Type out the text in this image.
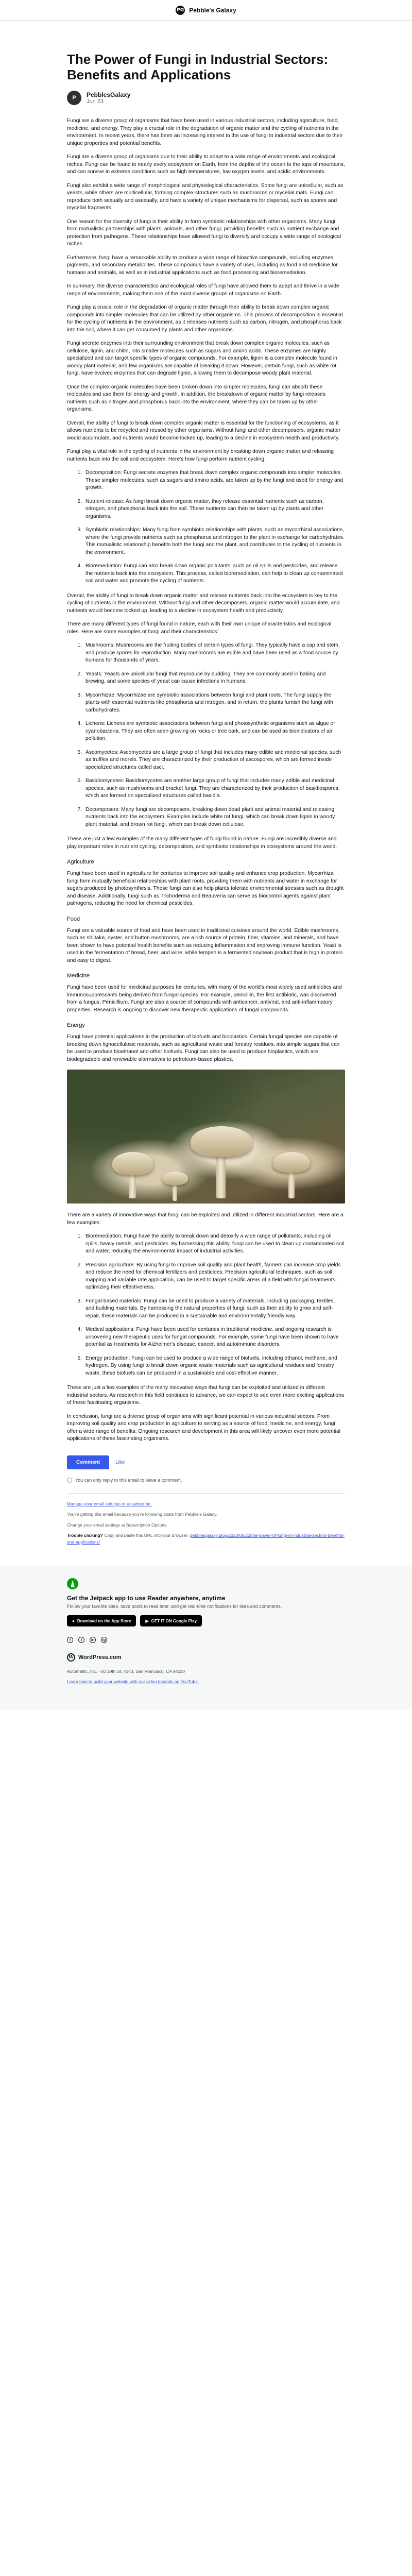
PG Pebble's Galaxy
The Power of Fungi in Industrial Sectors: Benefits and Applications
P	PebblesGalaxy
Jun 23

Fungi are a diverse group of organisms that have been used in various industrial sectors, including agriculture, food, medicine, and energy. They play a crucial role in the degradation of organic matter and the cycling of nutrients in the environment. In recent years, there has been an increasing interest in the use of fungi in industrial sectors due to their unique properties and potential benefits.

Fungi are a diverse group of organisms due to their ability to adapt to a wide range of environments and ecological niches. Fungi can be found in nearly every ecosystem on Earth, from the depths of the ocean to the tops of mountains, and can survive in extreme conditions such as high temperatures, low oxygen levels, and acidic environments.

Fungi also exhibit a wide range of morphological and physiological characteristics. Some fungi are unicellular, such as yeasts, while others are multicellular, forming complex structures such as mushrooms or mycelial mats. Fungi can reproduce both sexually and asexually, and have a variety of unique mechanisms for dispersal, such as spores and mycelial fragments.

One reason for the diversity of fungi is their ability to form symbiotic relationships with other organisms. Many fungi form mutualistic partnerships with plants, animals, and other fungi, providing benefits such as nutrient exchange and protection from pathogens. These relationships have allowed fungi to diversify and occupy a wide range of ecological niches.

Furthermore, fungi have a remarkable ability to produce a wide range of bioactive compounds, including enzymes, pigments, and secondary metabolites. These compounds have a variety of uses, including as food and medicine for humans and animals, as well as in industrial applications such as food processing and bioremediation.

In summary, the diverse characteristics and ecological roles of fungi have allowed them to adapt and thrive in a wide range of environments, making them one of the most diverse groups of organisms on Earth.

Fungi play a crucial role in the degradation of organic matter through their ability to break down complex organic compounds into simpler molecules that can be utilized by other organisms. This process of decomposition is essential for the cycling of nutrients in the environment, as it releases nutrients such as carbon, nitrogen, and phosphorus back into the soil, where it can get consumed by plants and other organisms.

Fungi secrete enzymes into their surrounding environment that break down complex organic molecules, such as cellulose, lignin, and chitin, into smaller molecules such as sugars and amino acids. These enzymes are highly specialized and can target specific types of organic compounds. For example, lignin is a complex molecule found in woody plant material, and few organisms are capable of breaking it down. However, certain fungi, such as white rot fungi, have evolved enzymes that can degrade lignin, allowing them to decompose woody plant material.

Once the complex organic molecules have been broken down into simpler molecules, fungi can absorb these molecules and use them for energy and growth. In addition, the breakdown of organic matter by fungi releases nutrients such as nitrogen and phosphorus back into the environment, where they can be taken up by other organisms.

Overall, the ability of fungi to break down complex organic matter is essential for the functioning of ecosystems, as it allows nutrients to be recycled and reused by other organisms. Without fungi and other decomposers, organic matter would accumulate, and nutrients would become locked up, leading to a decline in ecosystem health and productivity.

Fungi play a vital role in the cycling of nutrients in the environment by breaking down organic matter and releasing nutrients back into the soil and ecosystem. Here's how fungi perform nutrient cycling:

1. Decomposition: Fungi secrete enzymes that break down complex organic compounds into simpler molecules. These simpler molecules, such as sugars and amino acids, are taken up by the fungi and used for energy and growth.
2. Nutrient release: As fungi break down organic matter, they release essential nutrients such as carbon, nitrogen, and phosphorus back into the soil. These nutrients can then be taken up by plants and other organisms.
3. Symbiotic relationships: Many fungi form symbiotic relationships with plants, such as mycorrhizal associations, where the fungi provide nutrients such as phosphorus and nitrogen to the plant in exchange for carbohydrates. This mutualistic relationship benefits both the fungi and the plant, and contributes to the cycling of nutrients in the environment.
4. Bioremediation: Fungi can also break down organic pollutants, such as oil spills and pesticides, and release the nutrients back into the ecosystem. This process, called bioremediation, can help to clean up contaminated soil and water and promote the cycling of nutrients.

Overall, the ability of fungi to break down organic matter and release nutrients back into the ecosystem is key to the cycling of nutrients in the environment. Without fungi and other decomposers, organic matter would accumulate, and nutrients would become locked up, leading to a decline in ecosystem health and productivity.

There are many different types of fungi found in nature, each with their own unique characteristics and ecological roles. Here are some examples of fungi and their characteristics:

1. Mushrooms: Mushrooms are the fruiting bodies of certain types of fungi. They typically have a cap and stem, and produce spores for reproduction. Many mushrooms are edible and have been used as a food source by humans for thousands of years.
2. Yeasts: Yeasts are unicellular fungi that reproduce by budding. They are commonly used in baking and brewing, and some species of yeast can cause infections in humans.
3. Mycorrhizae: Mycorrhizae are symbiotic associations between fungi and plant roots. The fungi supply the plants with essential nutrients like phosphorus and nitrogen, and in return, the plants furnish the fungi with carbohydrates.
4. Lichens: Lichens are symbiotic associations between fungi and photosynthetic organisms such as algae or cyanobacteria. They are often seen growing on rocks or tree bark, and can be used as bioindicators of air pollution.
5. Ascomycetes: Ascomycetes are a large group of fungi that includes many edible and medicinal species, such as truffles and morels. They are characterized by their production of ascospores, which are formed inside specialized structures called asci.
6. Basidiomycetes: Basidiomycetes are another large group of fungi that includes many edible and medicinal species, such as mushrooms and bracket fungi. They are characterized by their production of basidiospores, which are formed on specialized structures called basidia.
7. Decomposers: Many fungi are decomposers, breaking down dead plant and animal material and releasing nutrients back into the ecosystem. Examples include white rot fungi, which can break down lignin in woody plant material, and brown rot fungi, which can break down cellulose.

These are just a few examples of the many different types of fungi found in nature. Fungi are incredibly diverse and play important roles in nutrient cycling, decomposition, and symbiotic relationships in ecosystems around the world.

Agriculture

Fungi have been used in agriculture for centuries to improve soil quality and enhance crop production. Mycorrhizal fungi form mutually beneficial relationships with plant roots, providing them with nutrients and water in exchange for sugars produced by photosynthesis. These fungi can also help plants tolerate environmental stresses such as drought and disease. Additionally, fungi such as Trichoderma and Beauveria can serve as biocontrol agents against plant pathogens, reducing the need for chemical pesticides.

Food

Fungi are a valuable source of food and have been used in traditional cuisines around the world. Edible mushrooms, such as shiitake, oyster, and button mushrooms, are a rich source of protein, fiber, vitamins, and minerals, and have been shown to have potential health benefits such as reducing inflammation and improving immune function. Yeast is used in the fermentation of bread, beer, and wine, while tempeh is a fermented soybean product that is high in protein and easy to digest.

Medicine

Fungi have been used for medicinal purposes for centuries, with many of the world's most widely used antibiotics and immunosuppressants being derived from fungal species. For example, penicillin, the first antibiotic, was discovered from a fungus, Penicillium. Fungi are also a source of compounds with anticancer, antiviral, and anti-inflammatory properties. Research is ongoing to discover new therapeutic applications of fungal compounds.

Energy

Fungi have potential applications in the production of biofuels and bioplastics. Certain fungal species are capable of breaking down lignocellulosic materials, such as agricultural waste and forestry residues, into simple sugars that can be used to produce bioethanol and other biofuels. Fungi can also be used to produce bioplastics, which are biodegradable and renewable alternatives to petroleum-based plastics.

There are a variety of innovative ways that fungi can be exploited and utilized in different industrial sectors. Here are a few examples:

1. Bioremediation: Fungi have the ability to break down and detoxify a wide range of pollutants, including oil spills, heavy metals, and pesticides. By harnessing this ability, fungi can be used to clean up contaminated soil and water, reducing the environmental impact of industrial activities.
2. Precision agriculture: By using fungi to improve soil quality and plant health, farmers can increase crop yields and reduce the need for chemical fertilizers and pesticides. Precision agricultural techniques, such as soil mapping and variable rate application, can be used to target specific areas of a field with fungal treatments, optimizing their effectiveness.
3. Fungal-based materials: Fungi can be used to produce a variety of materials, including packaging, textiles, and building materials. By harnessing the natural properties of fungi, such as their ability to grow and self-repair, these materials can be produced in a sustainable and environmentally friendly way.
4. Medical applications: Fungi have been used for centuries in traditional medicine, and ongoing research is uncovering new therapeutic uses for fungal compounds. For example, some fungi have been shown to have potential as treatments for Alzheimer's disease, cancer, and autoimmune disorders.
5. Energy production: Fungi can be used to produce a wide range of biofuels, including ethanol, methane, and hydrogen. By using fungi to break down organic waste materials such as agricultural residues and forestry waste, these biofuels can be produced in a sustainable and cost-effective manner.

These are just a few examples of the many innovative ways that fungi can be exploited and utilized in different industrial sectors. As research in this field continues to advance, we can expect to see even more exciting applications of these fascinating organisms.

In conclusion, fungi are a diverse group of organisms with significant potential in various industrial sectors. From improving soil quality and crop production in agriculture to serving as a source of food, medicine, and energy, fungi offer a wide range of benefits. Ongoing research and development in this area will likely uncover even more potential applications of these fascinating organisms.

Comment	Like
You can only reply to this email to leave a comment.

Manage your email settings or unsubscribe.

You're getting this email because you're following posts from Pebble's Galaxy.

Change your email settings at Subscription Options.

Trouble clicking? Copy and paste this URL into your browser: pebblesgalaxy.blog/2023/06/23/the-power-of-fungi-in-industrial-sectors-benefits-and-applications/

Get the Jetpack app to use Reader anywhere, anytime
Follow your favorite sites, save posts to read later, and get real-time notifications for likes and comments.
● Download on the App Store	▶ GET IT ON Google Play
f	t	in	ig
W WordPress.com
Automattic, Inc. - 60 29th St. #343, San Francisco, CA 94110
Learn how to build your website with our video tutorials on YouTube.
